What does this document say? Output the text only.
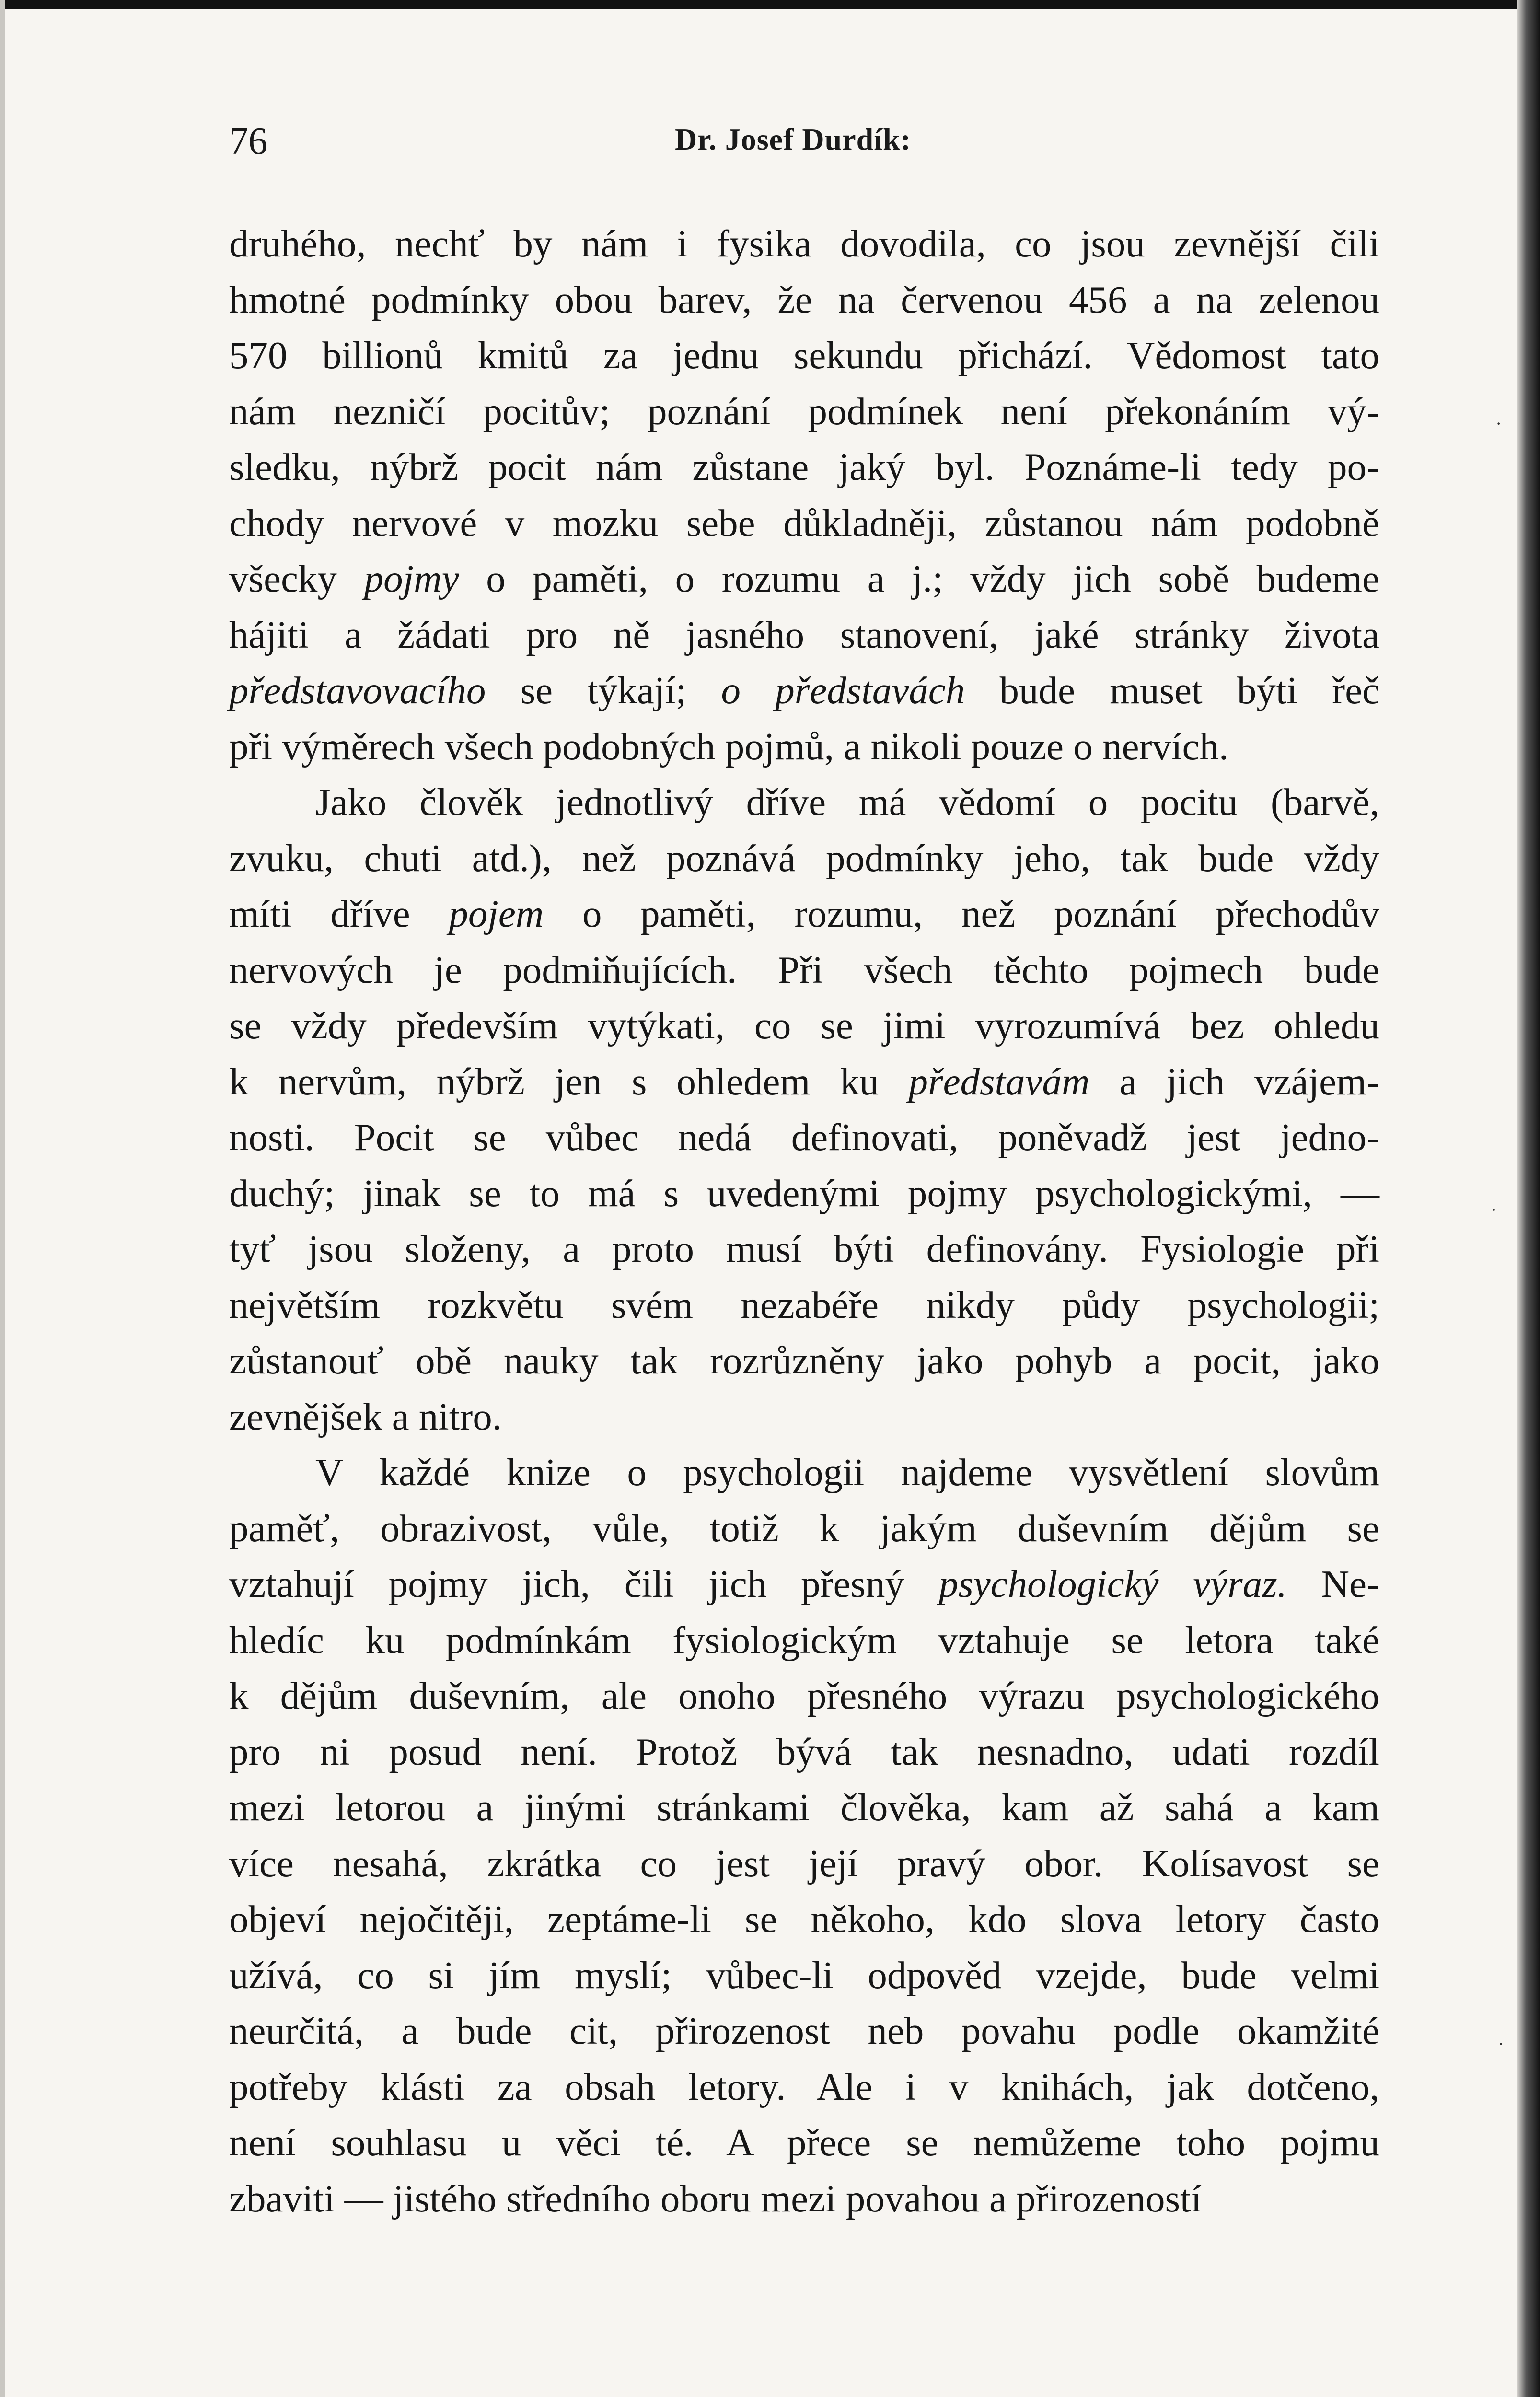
76	Dr. Josef Durdík:
druhého, nechť by nám i fysika dovodila, co jsou zevnější čili
hmotné podmínky obou barev, že na červenou 456 a na zelenou
570 billionů kmitů za jednu sekundu přichází. Vědomost tato
nám nezničí pocitův; poznání podmínek není překonáním vý-
sledku, nýbrž pocit nám zůstane jaký byl. Poznáme-li tedy po-
chody nervové v mozku sebe důkladněji, zůstanou nám podobně
všecky pojmy o paměti, o rozumu a j.; vždy jich sobě budeme
hájiti a žádati pro ně jasného stanovení, jaké stránky života
představovacího se týkají; o představách bude muset býti řeč
při výměrech všech podobných pojmů, a nikoli pouze o nervích.
Jako člověk jednotlivý dříve má vědomí o pocitu (barvě,
zvuku, chuti atd.), než poznává podmínky jeho, tak bude vždy
míti dříve pojem o paměti, rozumu, než poznání přechodův
nervových je podmiňujících. Při všech těchto pojmech bude
se vždy především vytýkati, co se jimi vyrozumívá bez ohledu
k nervům, nýbrž jen s ohledem ku představám a jich vzájem-
nosti. Pocit se vůbec nedá definovati, poněvadž jest jedno-
duchý; jinak se to má s uvedenými pojmy psychologickými, —
tyť jsou složeny, a proto musí býti definovány. Fysiologie při
největším rozkvětu svém nezabéře nikdy půdy psychologii;
zůstanouť obě nauky tak rozrůzněny jako pohyb a pocit, jako
zevnějšek a nitro.
V každé knize o psychologii najdeme vysvětlení slovům
paměť, obrazivost, vůle, totiž k jakým duševním dějům se
vztahují pojmy jich, čili jich přesný psychologický výraz. Ne-
hledíc ku podmínkám fysiologickým vztahuje se letora také
k dějům duševním, ale onoho přesného výrazu psychologického
pro ni posud není. Protož bývá tak nesnadno, udati rozdíl
mezi letorou a jinými stránkami člověka, kam až sahá a kam
více nesahá, zkrátka co jest její pravý obor. Kolísavost se
objeví nejočitěji, zeptáme-li se někoho, kdo slova letory často
užívá, co si jím myslí; vůbec-li odpověd vzejde, bude velmi
neurčitá, a bude cit, přirozenost neb povahu podle okamžité
potřeby klásti za obsah letory. Ale i v knihách, jak dotčeno,
není souhlasu u věci té. A přece se nemůžeme toho pojmu
zbaviti — jistého středního oboru mezi povahou a přirozeností
·
·
·
